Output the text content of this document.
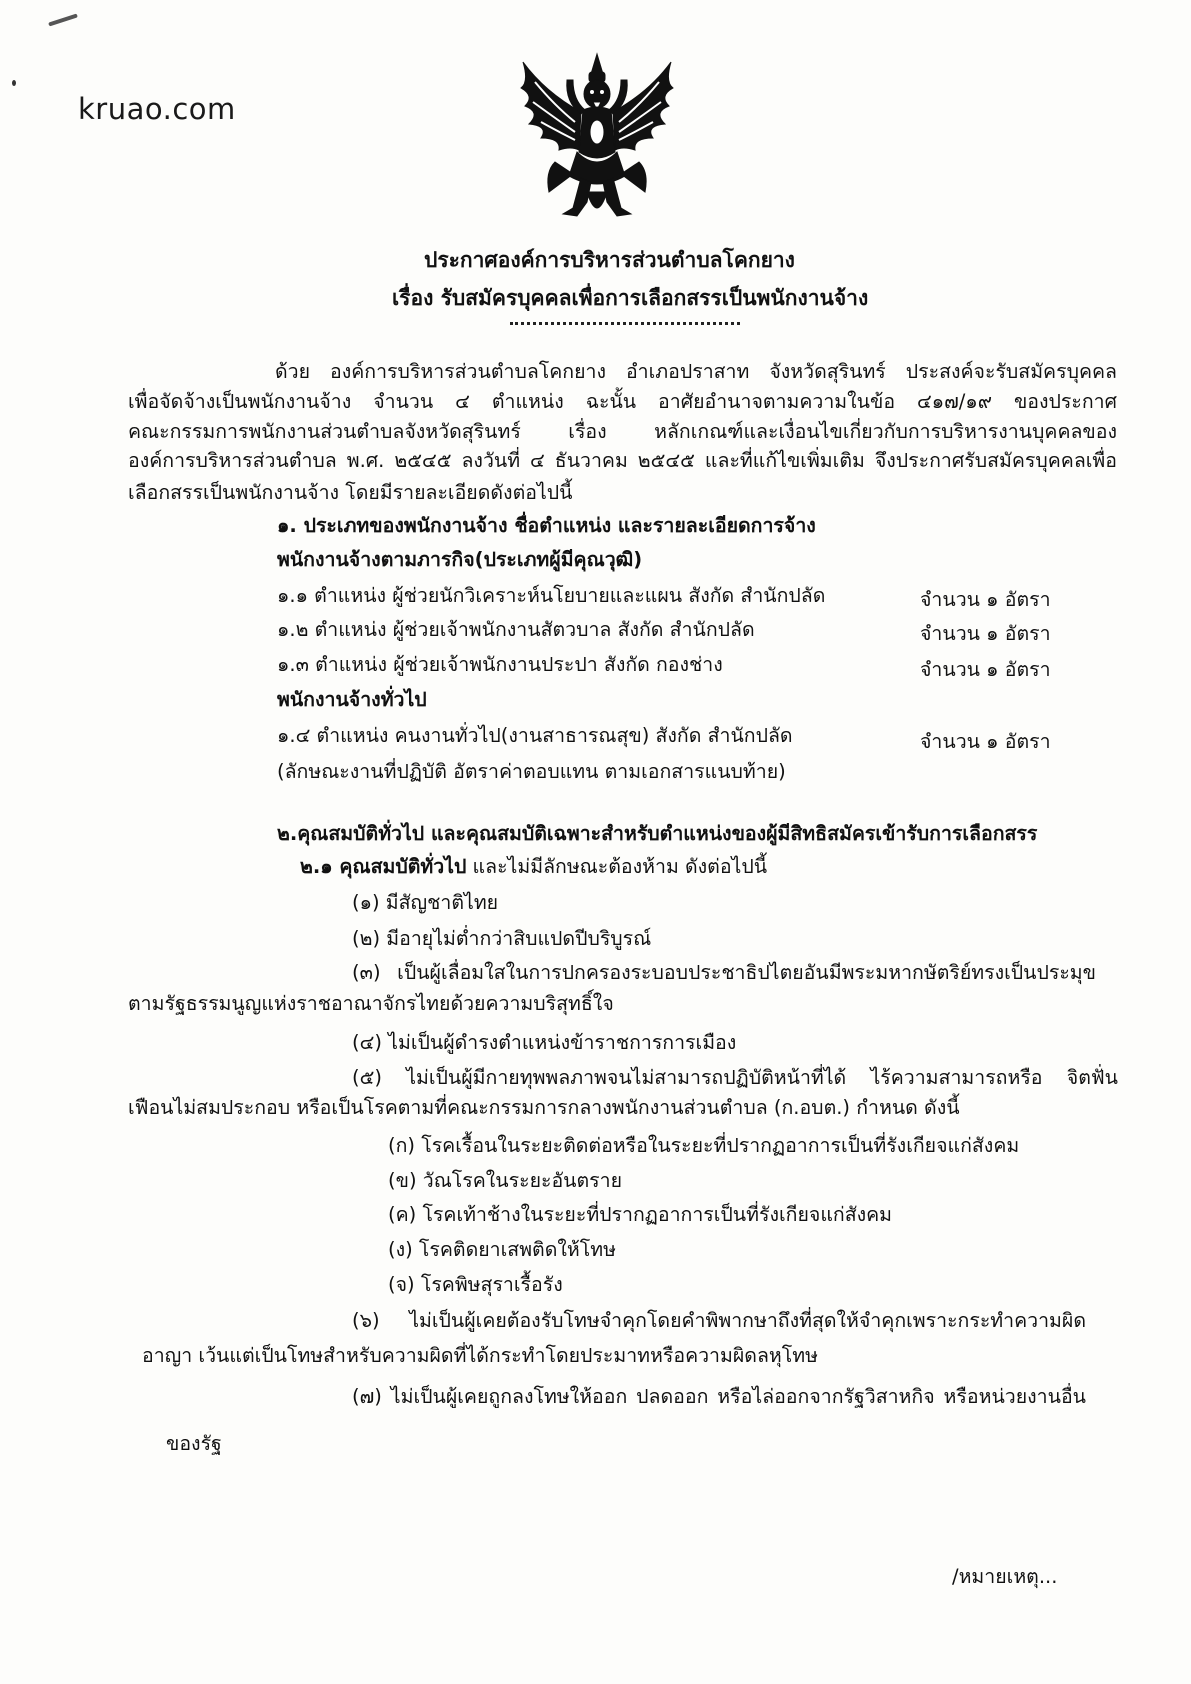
kruao.com
ประกาศองค์การบริหารส่วนตำบลโคกยาง
เรื่อง รับสมัครบุคคลเพื่อการเลือกสรรเป็นพนักงานจ้าง
ด้วย องค์การบริหารส่วนตำบลโคกยาง อำเภอปราสาท จังหวัดสุรินทร์ ประสงค์จะรับสมัครบุคคล
เพื่อจัดจ้างเป็นพนักงานจ้าง จำนวน ๔ ตำแหน่ง ฉะนั้น อาศัยอำนาจตามความในข้อ ๔๑๗/๑๙ ของประกาศ
คณะกรรมการพนักงานส่วนตำบลจังหวัดสุรินทร์ เรื่อง หลักเกณฑ์และเงื่อนไขเกี่ยวกับการบริหารงานบุคคลของ
องค์การบริหารส่วนตำบล พ.ศ. ๒๕๔๕ ลงวันที่ ๔ ธันวาคม ๒๕๔๕ และที่แก้ไขเพิ่มเติม จึงประกาศรับสมัครบุคคลเพื่อ
เลือกสรรเป็นพนักงานจ้าง โดยมีรายละเอียดดังต่อไปนี้
๑. ประเภทของพนักงานจ้าง ชื่อตำแหน่ง และรายละเอียดการจ้าง
พนักงานจ้างตามภารกิจ(ประเภทผู้มีคุณวุฒิ)
๑.๑ ตำแหน่ง ผู้ช่วยนักวิเคราะห์นโยบายและแผน สังกัด สำนักปลัด	จำนวน ๑ อัตรา
๑.๒ ตำแหน่ง ผู้ช่วยเจ้าพนักงานสัตวบาล สังกัด สำนักปลัด	จำนวน ๑ อัตรา
๑.๓ ตำแหน่ง ผู้ช่วยเจ้าพนักงานประปา สังกัด กองช่าง	จำนวน ๑ อัตรา
พนักงานจ้างทั่วไป
๑.๔ ตำแหน่ง คนงานทั่วไป(งานสาธารณสุข) สังกัด สำนักปลัด	จำนวน ๑ อัตรา
(ลักษณะงานที่ปฏิบัติ อัตราค่าตอบแทน ตามเอกสารแนบท้าย)
๒.คุณสมบัติทั่วไป และคุณสมบัติเฉพาะสำหรับตำแหน่งของผู้มีสิทธิสมัครเข้ารับการเลือกสรร
๒.๑ คุณสมบัติทั่วไป และไม่มีลักษณะต้องห้าม ดังต่อไปนี้
(๑) มีสัญชาติไทย
(๒) มีอายุไม่ต่ำกว่าสิบแปดปีบริบูรณ์
(๓) เป็นผู้เลื่อมใสในการปกครองระบอบประชาธิปไตยอันมีพระมหากษัตริย์ทรงเป็นประมุข
ตามรัฐธรรมนูญแห่งราชอาณาจักรไทยด้วยความบริสุทธิ์ใจ
(๔) ไม่เป็นผู้ดำรงตำแหน่งข้าราชการการเมือง
(๕) ไม่เป็นผู้มีกายทุพพลภาพจนไม่สามารถปฏิบัติหน้าที่ได้ ไร้ความสามารถหรือ จิตฟั่น
เฟือนไม่สมประกอบ หรือเป็นโรคตามที่คณะกรรมการกลางพนักงานส่วนตำบล (ก.อบต.) กำหนด ดังนี้
(ก) โรคเรื้อนในระยะติดต่อหรือในระยะที่ปรากฏอาการเป็นที่รังเกียจแก่สังคม
(ข) วัณโรคในระยะอันตราย
(ค) โรคเท้าช้างในระยะที่ปรากฏอาการเป็นที่รังเกียจแก่สังคม
(ง) โรคติดยาเสพติดให้โทษ
(จ) โรคพิษสุราเรื้อรัง
(๖) ไม่เป็นผู้เคยต้องรับโทษจำคุกโดยคำพิพากษาถึงที่สุดให้จำคุกเพราะกระทำความผิด
อาญา เว้นแต่เป็นโทษสำหรับความผิดที่ได้กระทำโดยประมาทหรือความผิดลหุโทษ
(๗) ไม่เป็นผู้เคยถูกลงโทษให้ออก ปลดออก หรือไล่ออกจากรัฐวิสาหกิจ หรือหน่วยงานอื่น
ของรัฐ
/หมายเหตุ...
